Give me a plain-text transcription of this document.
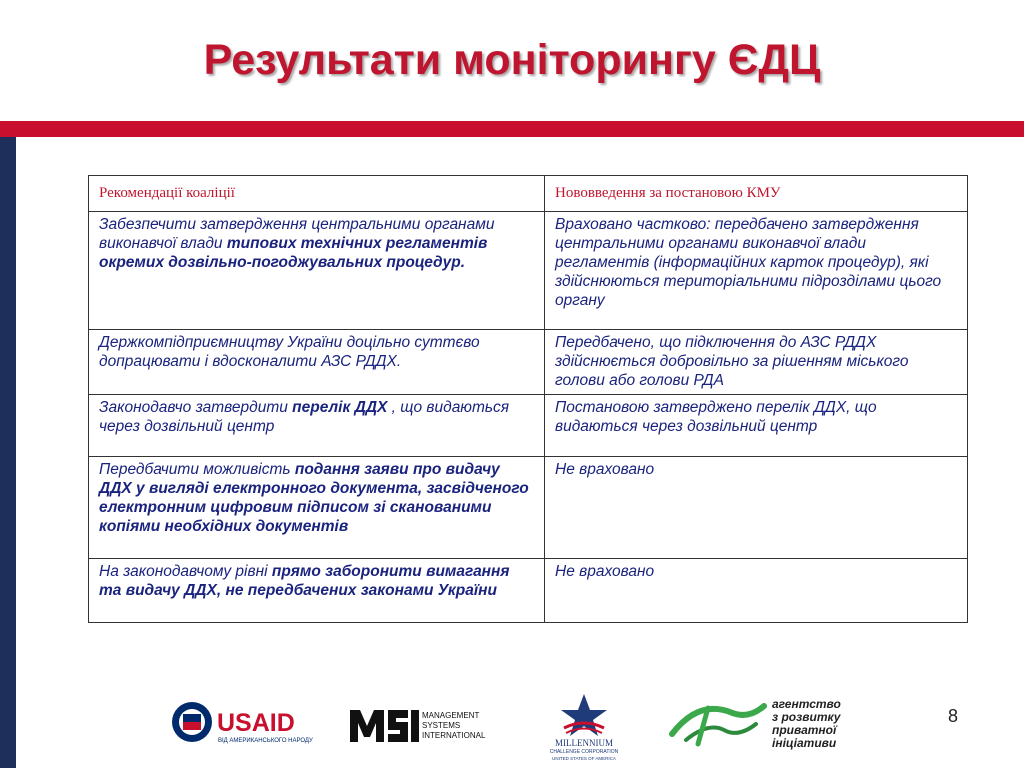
Результати моніторингу ЄДЦ
Рекомендації коаліції	Нововведення за постановою КМУ
Забезпечити затвердження центральними органами виконавчої влади типових технічних регламентів окремих дозвільно-погоджувальних процедур.	Враховано частково: передбачено затвердження центральними органами виконавчої влади регламентів (інформаційних карток процедур), які здійснюються територіальними підрозділами цього органу
Держкомпідприємництву України доцільно суттєво допрацювати і вдосконалити АЗС РДДХ.	Передбачено, що підключення до АЗС РДДХ здійснюється добровільно за рішенням міського голови або голови РДА
Законодавчо затвердити перелік ДДХ , що видаються через дозвільний центр	Постановою затверджено перелік ДДХ, що видаються через дозвільний центр
Передбачити можливість подання заяви про видачу ДДХ у вигляді електронного документа, засвідченого електронним цифровим підписом зі сканованими копіями необхідних документів	Не враховано
На законодавчому рівні прямо заборонити вимагання та видачу ДДХ, не передбачених законами України	Не враховано
USAID
ВІД АМЕРИКАНСЬКОГО НАРОДУ
MANAGEMENT
SYSTEMS
INTERNATIONAL
MILLENNIUM
CHALLENGE CORPORATION
UNITED STATES OF AMERICA
агентство
з розвитку
приватної
ініціативи
8
